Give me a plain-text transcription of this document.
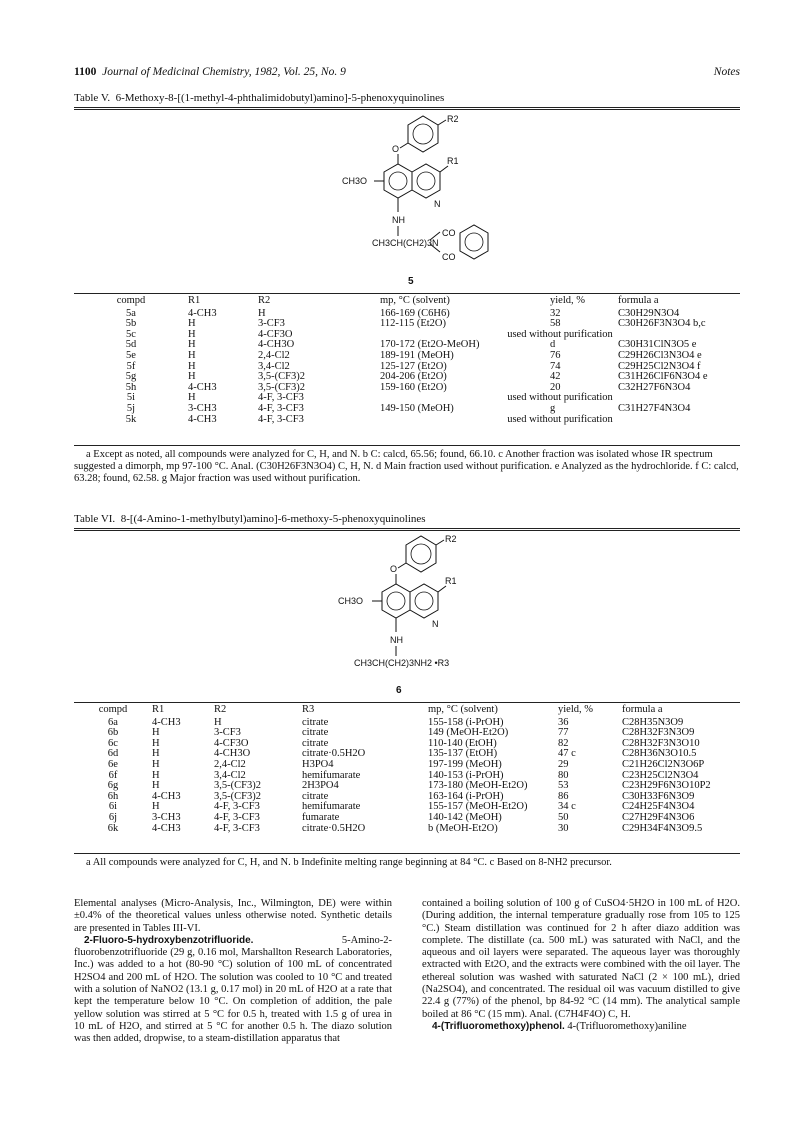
1100 Journal of Medicinal Chemistry, 1982, Vol. 25, No. 9	Notes
Table V. 6-Methoxy-8-[(1-methyl-4-phthalimidobutyl)amino]-5-phenoxyquinolines
R2
O
R1
N
CH3O
NH
CH3CH(CH2)3N
CO
CO
5
compd	R1	R2	mp, °C (solvent)	yield, %	formula a
5a	4-CH3	H	166-169 (C6H6)	32	C30H29N3O4
5b	H	3-CF3	112-115 (Et2O)	58	C30H26F3N3O4 b,c
5c	H	4-CF3O	used without purification		
5d	H	4-CH3O	170-172 (Et2O-MeOH)	d	C30H31ClN3O5 e
5e	H	2,4-Cl2	189-191 (MeOH)	76	C29H26Cl3N3O4 e
5f	H	3,4-Cl2	125-127 (Et2O)	74	C29H25Cl2N3O4 f
5g	H	3,5-(CF3)2	204-206 (Et2O)	42	C31H26ClF6N3O4 e
5h	4-CH3	3,5-(CF3)2	159-160 (Et2O)	20	C32H27F6N3O4
5i	H	4-F, 3-CF3	used without purification		
5j	3-CH3	4-F, 3-CF3	149-150 (MeOH)	g	C31H27F4N3O4
5k	4-CH3	4-F, 3-CF3	used without purification		
a Except as noted, all compounds were analyzed for C, H, and N. b C: calcd, 65.56; found, 66.10. c Another fraction was isolated whose IR spectrum suggested a dimorph, mp 97-100 °C. Anal. (C30H26F3N3O4) C, H, N. d Main fraction used without purification. e Analyzed as the hydrochloride. f C: calcd, 63.28; found, 62.58. g Major fraction was used without purification.
Table VI. 8-[(4-Amino-1-methylbutyl)amino]-6-methoxy-5-phenoxyquinolines
R2
O
R1
N
CH3O
NH
CH3CH(CH2)3NH2 •R3
6
compd	R1	R2	R3	mp, °C (solvent)	yield, %	formula a
6a	4-CH3	H	citrate	155-158 (i-PrOH)	36	C28H35N3O9
6b	H	3-CF3	citrate	149 (MeOH-Et2O)	77	C28H32F3N3O9
6c	H	4-CF3O	citrate	110-140 (EtOH)	82	C28H32F3N3O10
6d	H	4-CH3O	citrate·0.5H2O	135-137 (EtOH)	47 c	C28H36N3O10.5
6e	H	2,4-Cl2	H3PO4	197-199 (MeOH)	29	C21H26Cl2N3O6P
6f	H	3,4-Cl2	hemifumarate	140-153 (i-PrOH)	80	C23H25Cl2N3O4
6g	H	3,5-(CF3)2	2H3PO4	173-180 (MeOH-Et2O)	53	C23H29F6N3O10P2
6h	4-CH3	3,5-(CF3)2	citrate	163-164 (i-PrOH)	86	C30H33F6N3O9
6i	H	4-F, 3-CF3	hemifumarate	155-157 (MeOH-Et2O)	34 c	C24H25F4N3O4
6j	3-CH3	4-F, 3-CF3	fumarate	140-142 (MeOH)	50	C27H29F4N3O6
6k	4-CH3	4-F, 3-CF3	citrate·0.5H2O	b (MeOH-Et2O)	30	C29H34F4N3O9.5
a All compounds were analyzed for C, H, and N. b Indefinite melting range beginning at 84 °C. c Based on 8-NH2 precursor.

Elemental analyses (Micro-Analysis, Inc., Wilmington, DE) were within ±0.4% of the theoretical values unless otherwise noted. Synthetic details are presented in Tables III-VI.

2-Fluoro-5-hydroxybenzotrifluoride.	5-Amino-2-fluorobenzotrifluoride (29 g, 0.16 mol, Marshallton Research Laboratories, Inc.) was added to a hot (80-90 °C) solution of 100 mL of concentrated H2SO4 and 200 mL of H2O. The solution was cooled to 10 °C and treated with a solution of NaNO2 (13.1 g, 0.17 mol) in 20 mL of H2O at a rate that kept the temperature below 10 °C. On completion of addition, the pale yellow solution was stirred at 5 °C for 0.5 h, treated with 1.5 g of urea in 10 mL of H2O, and stirred at 5 °C for another 0.5 h. The diazo solution was then added, dropwise, to a steam-distillation apparatus that

contained a boiling solution of 100 g of CuSO4·5H2O in 100 mL of H2O. (During addition, the internal temperature gradually rose from 105 to 125 °C.) Steam distillation was continued for 2 h after diazo addition was complete. The distillate (ca. 500 mL) was saturated with NaCl, and the aqueous and oil layers were separated. The aqueous layer was thoroughly extracted with Et2O, and the extracts were combined with the oil layer. The ethereal solution was washed with saturated NaCl (2 × 100 mL), dried (Na2SO4), and concentrated. The residual oil was vacuum distilled to give 22.4 g (77%) of the phenol, bp 84-92 °C (14 mm). The analytical sample boiled at 86 °C (15 mm). Anal. (C7H4F4O) C, H.

4-(Trifluoromethoxy)phenol. 4-(Trifluoromethoxy)aniline
